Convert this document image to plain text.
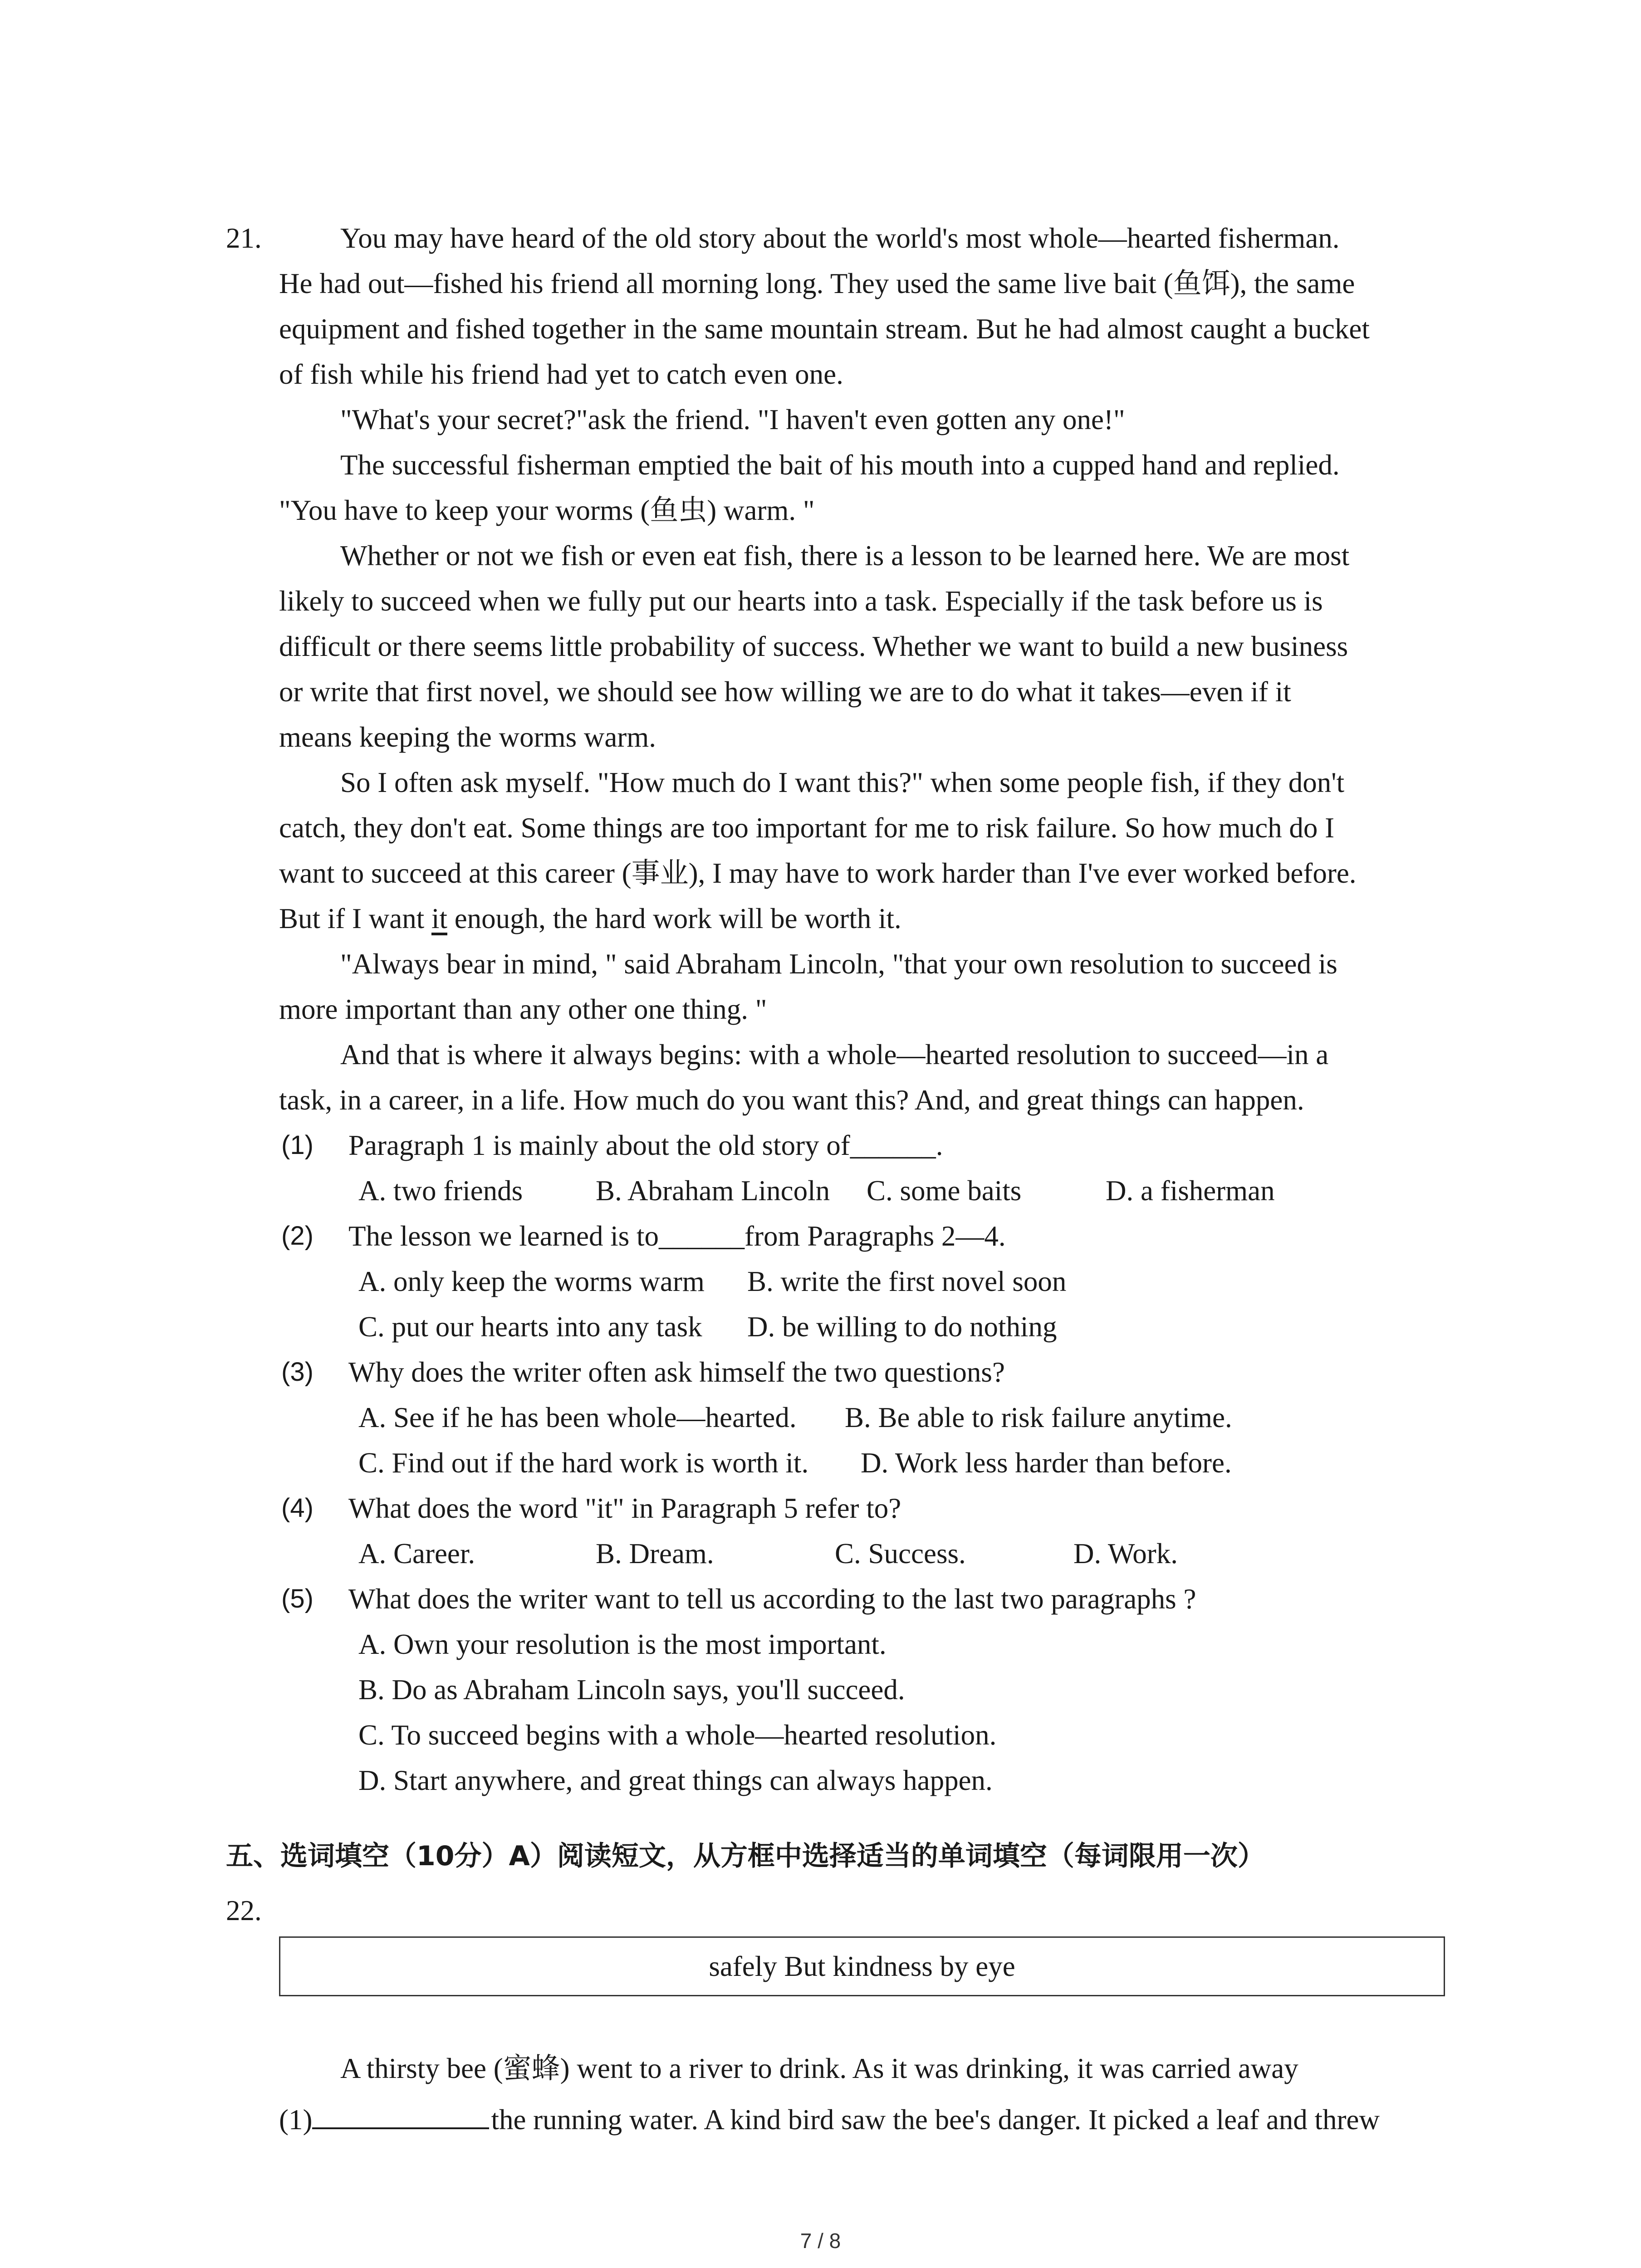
21.	You may have heard of the old story about the world's most whole—hearted fisherman.
He had out—fished his friend all morning long. They used the same live bait (鱼饵), the same
equipment and fished together in the same mountain stream. But he had almost caught a bucket
of fish while his friend had yet to catch even one.
"What's your secret?"ask the friend. "I haven't even gotten any one!"
The successful fisherman emptied the bait of his mouth into a cupped hand and replied.
"You have to keep your worms (鱼虫) warm. "
Whether or not we fish or even eat fish, there is a lesson to be learned here. We are most
likely to succeed when we fully put our hearts into a task. Especially if the task before us is
difficult or there seems little probability of success. Whether we want to build a new business
or write that first novel, we should see how willing we are to do what it takes—even if it
means keeping the worms warm.
So I often ask myself. "How much do I want this?" when some people fish, if they don't
catch, they don't eat. Some things are too important for me to risk failure. So how much do I
want to succeed at this career (事业), I may have to work harder than I've ever worked before.
But if I want it enough, the hard work will be worth it.
"Always bear in mind, " said Abraham Lincoln, "that your own resolution to succeed is
more important than any other one thing. "
And that is where it always begins: with a whole—hearted resolution to succeed—in a
task, in a career, in a life. How much do you want this? And, and great things can happen.
(1) Paragraph 1 is mainly about the old story of______.
A. two friends	B. Abraham Lincoln C. some baits	D. a fisherman
(2) The lesson we learned is to______from Paragraphs 2—4.
A. only keep the worms warm B. write the first novel soon
C. put our hearts into any task D. be willing to do nothing
(3) Why does the writer often ask himself the two questions?
A. See if he has been whole—hearted. B. Be able to risk failure anytime.
C. Find out if the hard work is worth it. D. Work less harder than before.
(4) What does the word "it" in Paragraph 5 refer to?
A. Career.	B. Dream.	C. Success.	D. Work.
(5) What does the writer want to tell us according to the last two paragraphs ?
A. Own your resolution is the most important.
B. Do as Abraham Lincoln says, you'll succeed.
C. To succeed begins with a whole—hearted resolution.
D. Start anywhere, and great things can always happen.
五、选词填空（10分）A）阅读短文，从方框中选择适当的单词填空（每词限用一次）
22.
safely But kindness by eye
A thirsty bee (蜜蜂) went to a river to drink. As it was drinking, it was carried away
(1)	the running water. A kind bird saw the bee's danger. It picked a leaf and threw
7 / 8
